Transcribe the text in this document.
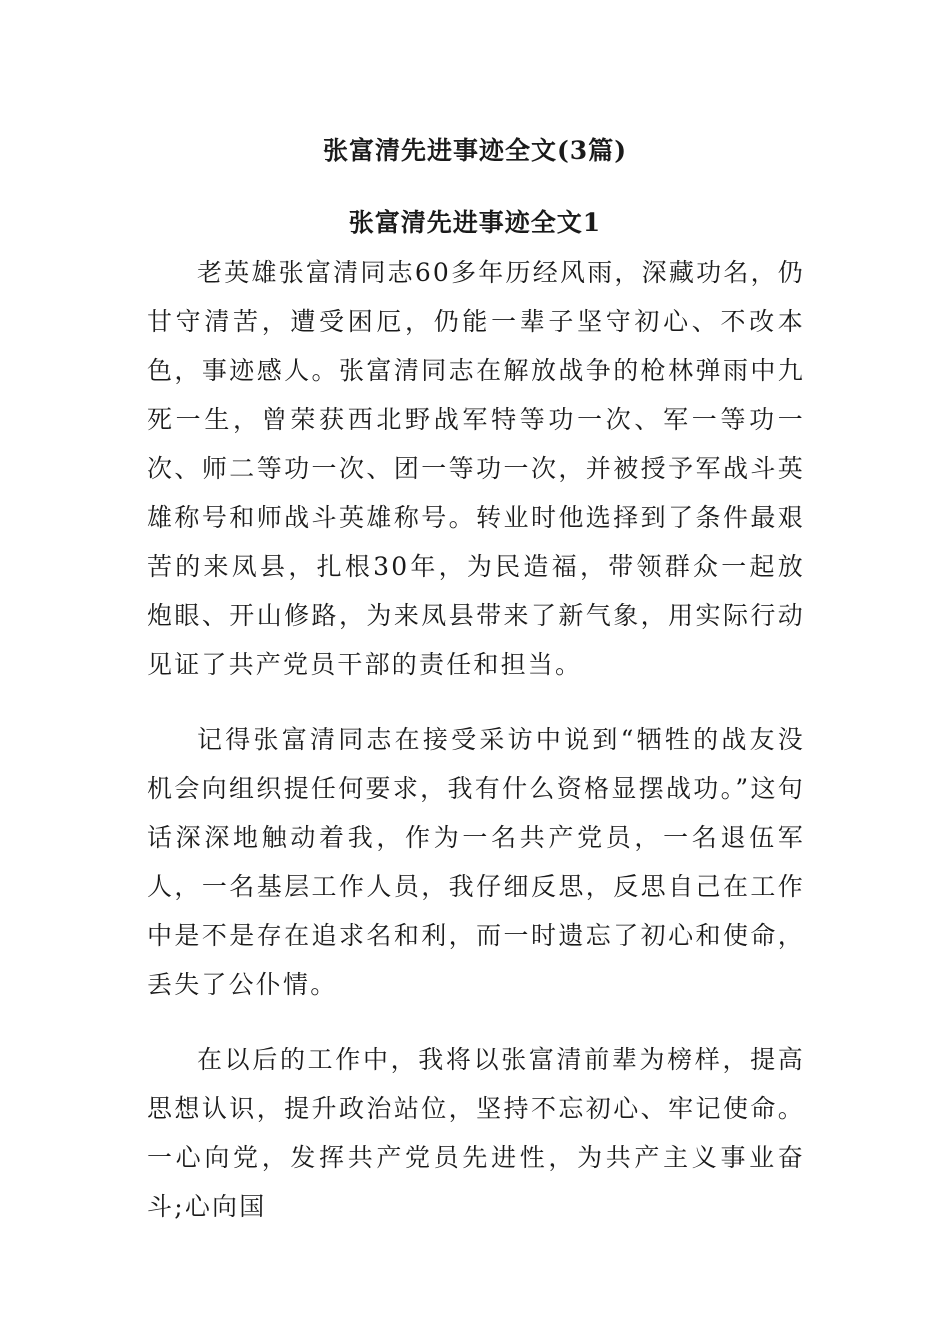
张富清先进事迹全文(3篇)
张富清先进事迹全文1

老英雄张富清同志60多年历经风雨，深藏功名，仍甘守清苦，遭受困厄，仍能一辈子坚守初心、不改本色，事迹感人。张富清同志在解放战争的枪林弹雨中九死一生，曾荣获西北野战军特等功一次、军一等功一次、师二等功一次、团一等功一次，并被授予军战斗英雄称号和师战斗英雄称号。转业时他选择到了条件最艰苦的来凤县，扎根30年，为民造福，带领群众一起放炮眼、开山修路，为来凤县带来了新气象，用实际行动见证了共产党员干部的责任和担当。

记得张富清同志在接受采访中说到“牺牲的战友没机会向组织提任何要求，我有什么资格显摆战功。”这句话深深地触动着我，作为一名共产党员，一名退伍军人，一名基层工作人员，我仔细反思，反思自己在工作中是不是存在追求名和利，而一时遗忘了初心和使命，丢失了公仆情。

在以后的工作中，我将以张富清前辈为榜样，提高思想认识，提升政治站位，坚持不忘初心、牢记使命。一心向党，发挥共产党员先进性，为共产主义事业奋斗;心向国
